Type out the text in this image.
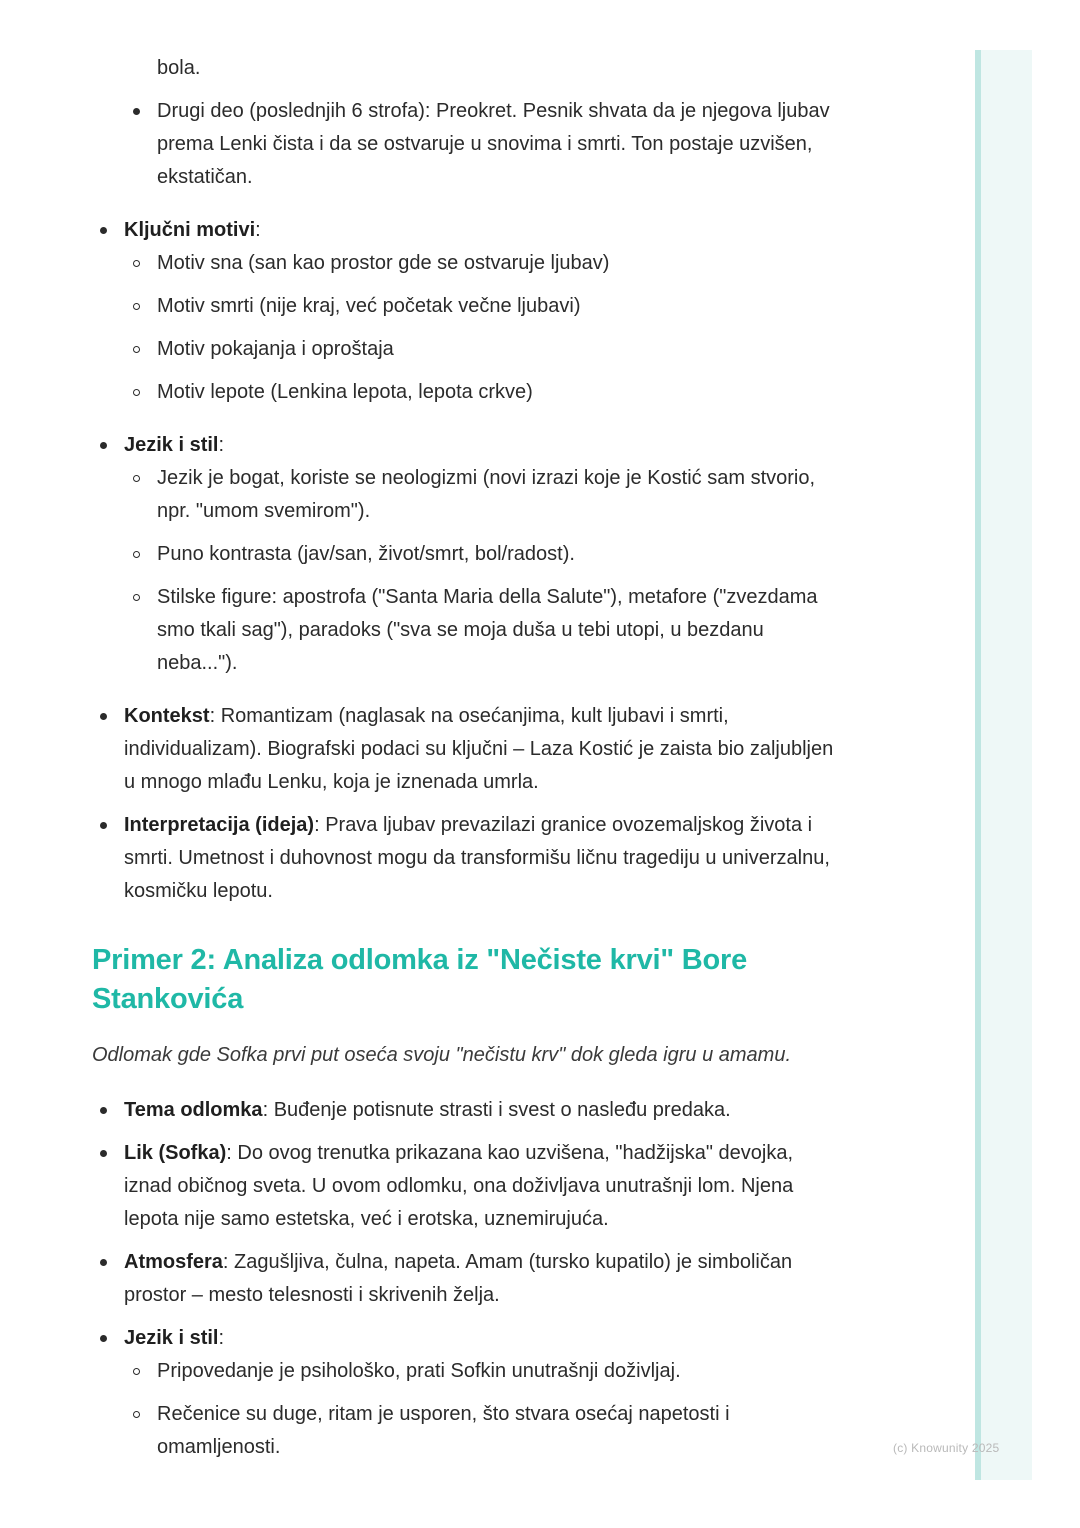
bola.
Drugi deo (poslednjih 6 strofa): Preokret. Pesnik shvata da je njegova ljubav prema Lenki čista i da se ostvaruje u snovima i smrti. Ton postaje uzvišen, ekstatičan.
Ključni motivi:
Motiv sna (san kao prostor gde se ostvaruje ljubav)
Motiv smrti (nije kraj, već početak večne ljubavi)
Motiv pokajanja i oproštaja
Motiv lepote (Lenkina lepota, lepota crkve)
Jezik i stil:
Jezik je bogat, koriste se neologizmi (novi izrazi koje je Kostić sam stvorio, npr. "umom svemirom").
Puno kontrasta (jav/san, život/smrt, bol/radost).
Stilske figure: apostrofa ("Santa Maria della Salute"), metafore ("zvezdama smo tkali sag"), paradoks ("sva se moja duša u tebi utopi, u bezdanu neba...").
Kontekst: Romantizam (naglasak na osećanjima, kult ljubavi i smrti, individualizam). Biografski podaci su ključni – Laza Kostić je zaista bio zaljubljen u mnogo mlađu Lenku, koja je iznenada umrla.
Interpretacija (ideja): Prava ljubav prevazilazi granice ovozemaljskog života i smrti. Umetnost i duhovnost mogu da transformišu ličnu tragediju u univerzalnu, kosmičku lepotu.
Primer 2: Analiza odlomka iz "Nečiste krvi" Bore Stankovića

Odlomak gde Sofka prvi put oseća svoju "nečistu krv" dok gleda igru u amamu.

Tema odlomka: Buđenje potisnute strasti i svest o nasleđu predaka.
Lik (Sofka): Do ovog trenutka prikazana kao uzvišena, "hadžijska" devojka, iznad običnog sveta. U ovom odlomku, ona doživljava unutrašnji lom. Njena lepota nije samo estetska, već i erotska, uznemirujuća.
Atmosfera: Zagušljiva, čulna, napeta. Amam (tursko kupatilo) je simboličan prostor – mesto telesnosti i skrivenih želja.
Jezik i stil:
Pripovedanje je psihološko, prati Sofkin unutrašnji doživljaj.
Rečenice su duge, ritam je usporen, što stvara osećaj napetosti i omamljenosti.	(c) Knowunity 2025
